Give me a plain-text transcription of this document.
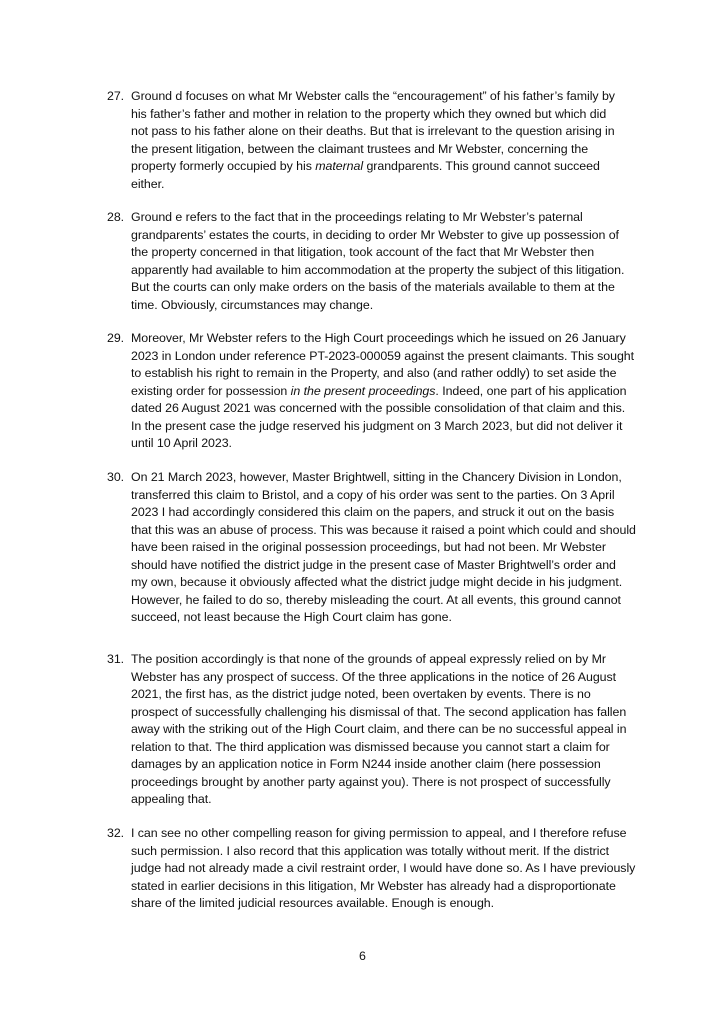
27. Ground d focuses on what Mr Webster calls the “encouragement” of his father’s family by
his father’s father and mother in relation to the property which they owned but which did
not pass to his father alone on their deaths. But that is irrelevant to the question arising in
the present litigation, between the claimant trustees and Mr Webster, concerning the
property formerly occupied by his maternal grandparents. This ground cannot succeed
either.
28. Ground e refers to the fact that in the proceedings relating to Mr Webster’s paternal
grandparents’ estates the courts, in deciding to order Mr Webster to give up possession of
the property concerned in that litigation, took account of the fact that Mr Webster then
apparently had available to him accommodation at the property the subject of this litigation.
But the courts can only make orders on the basis of the materials available to them at the
time. Obviously, circumstances may change.
29. Moreover, Mr Webster refers to the High Court proceedings which he issued on 26 January
2023 in London under reference PT-2023-000059 against the present claimants. This sought
to establish his right to remain in the Property, and also (and rather oddly) to set aside the
existing order for possession in the present proceedings. Indeed, one part of his application
dated 26 August 2021 was concerned with the possible consolidation of that claim and this.
In the present case the judge reserved his judgment on 3 March 2023, but did not deliver it
until 10 April 2023.
30. On 21 March 2023, however, Master Brightwell, sitting in the Chancery Division in London,
transferred this claim to Bristol, and a copy of his order was sent to the parties. On 3 April
2023 I had accordingly considered this claim on the papers, and struck it out on the basis
that this was an abuse of process. This was because it raised a point which could and should
have been raised in the original possession proceedings, but had not been. Mr Webster
should have notified the district judge in the present case of Master Brightwell’s order and
my own, because it obviously affected what the district judge might decide in his judgment.
However, he failed to do so, thereby misleading the court. At all events, this ground cannot
succeed, not least because the High Court claim has gone.
31. The position accordingly is that none of the grounds of appeal expressly relied on by Mr
Webster has any prospect of success. Of the three applications in the notice of 26 August
2021, the first has, as the district judge noted, been overtaken by events. There is no
prospect of successfully challenging his dismissal of that. The second application has fallen
away with the striking out of the High Court claim, and there can be no successful appeal in
relation to that. The third application was dismissed because you cannot start a claim for
damages by an application notice in Form N244 inside another claim (here possession
proceedings brought by another party against you). There is not prospect of successfully
appealing that.
32. I can see no other compelling reason for giving permission to appeal, and I therefore refuse
such permission. I also record that this application was totally without merit. If the district
judge had not already made a civil restraint order, I would have done so. As I have previously
stated in earlier decisions in this litigation, Mr Webster has already had a disproportionate
share of the limited judicial resources available. Enough is enough.
6
